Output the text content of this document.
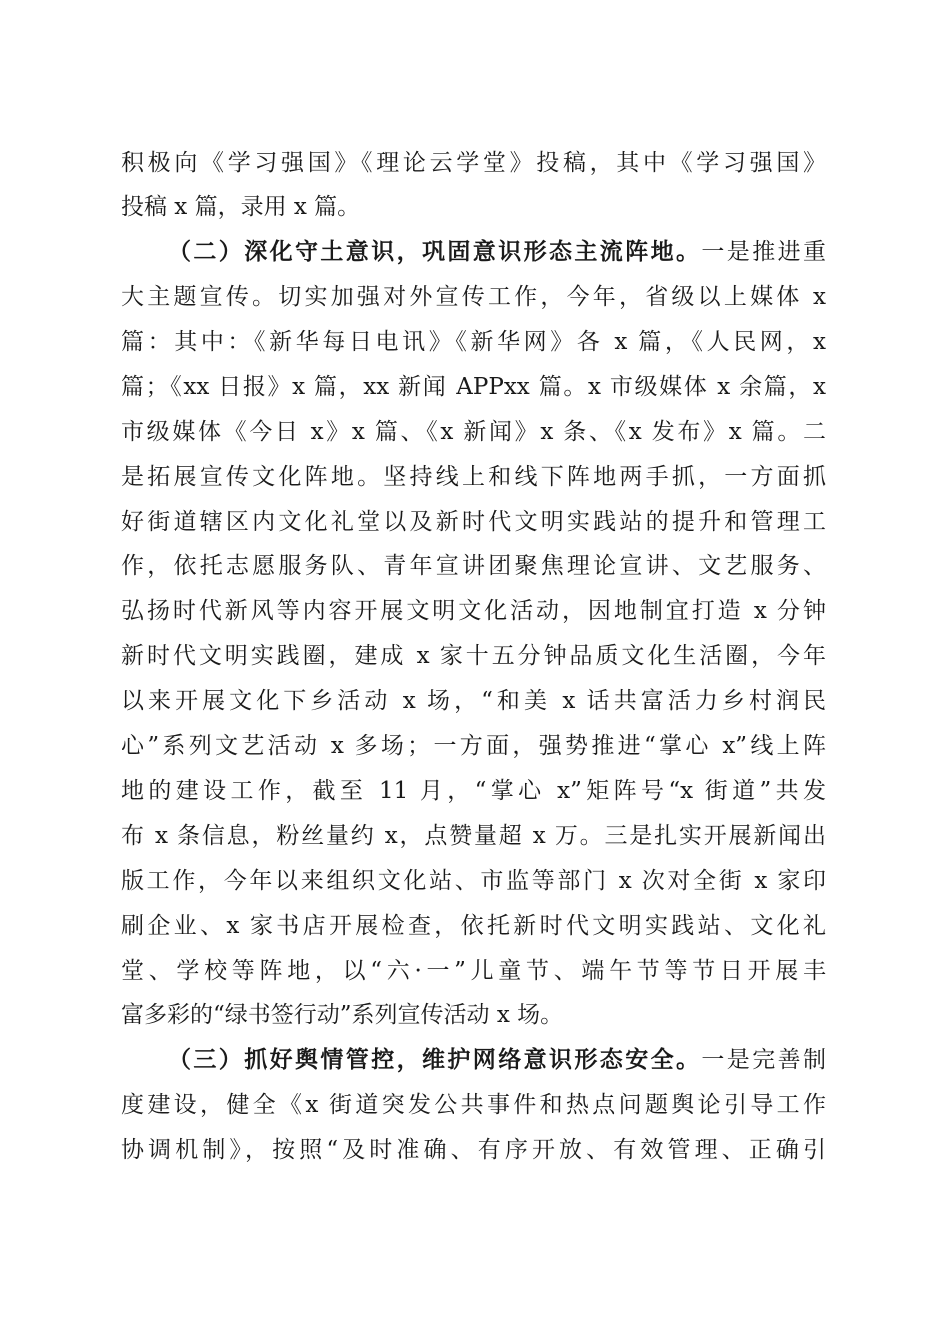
积极向《学习强国》《理论云学堂》投稿，其中《学习强国》
投稿 x 篇，录用 x 篇。
（二）深化守土意识，巩固意识形态主流阵地。一是推进重
大主题宣传。切实加强对外宣传工作，今年，省级以上媒体 x
篇：其中：《新华每日电讯》《新华网》各 x 篇，《人民网，x
篇；《xx 日报》x 篇，xx 新闻 APPxx 篇。x 市级媒体 x 余篇，x
市级媒体《今日 x》x 篇、《x 新闻》x 条、《x 发布》x 篇。二
是拓展宣传文化阵地。坚持线上和线下阵地两手抓，一方面抓
好街道辖区内文化礼堂以及新时代文明实践站的提升和管理工
作，依托志愿服务队、青年宣讲团聚焦理论宣讲、文艺服务、
弘扬时代新风等内容开展文明文化活动，因地制宜打造 x 分钟
新时代文明实践圈，建成 x 家十五分钟品质文化生活圈，今年
以来开展文化下乡活动 x 场，“和美 x 话共富活力乡村润民
心”系列文艺活动 x 多场；一方面，强势推进“掌心 x”线上阵
地的建设工作，截至 11 月，“掌心 x”矩阵号“x 街道”共发
布 x 条信息，粉丝量约 x，点赞量超 x 万。三是扎实开展新闻出
版工作，今年以来组织文化站、市监等部门 x 次对全街 x 家印
刷企业、x 家书店开展检查，依托新时代文明实践站、文化礼
堂、学校等阵地，以“六·一”儿童节、端午节等节日开展丰
富多彩的“绿书签行动”系列宣传活动 x 场。
（三）抓好舆情管控，维护网络意识形态安全。一是完善制
度建设，健全《x 街道突发公共事件和热点问题舆论引导工作
协调机制》，按照“及时准确、有序开放、有效管理、正确引
